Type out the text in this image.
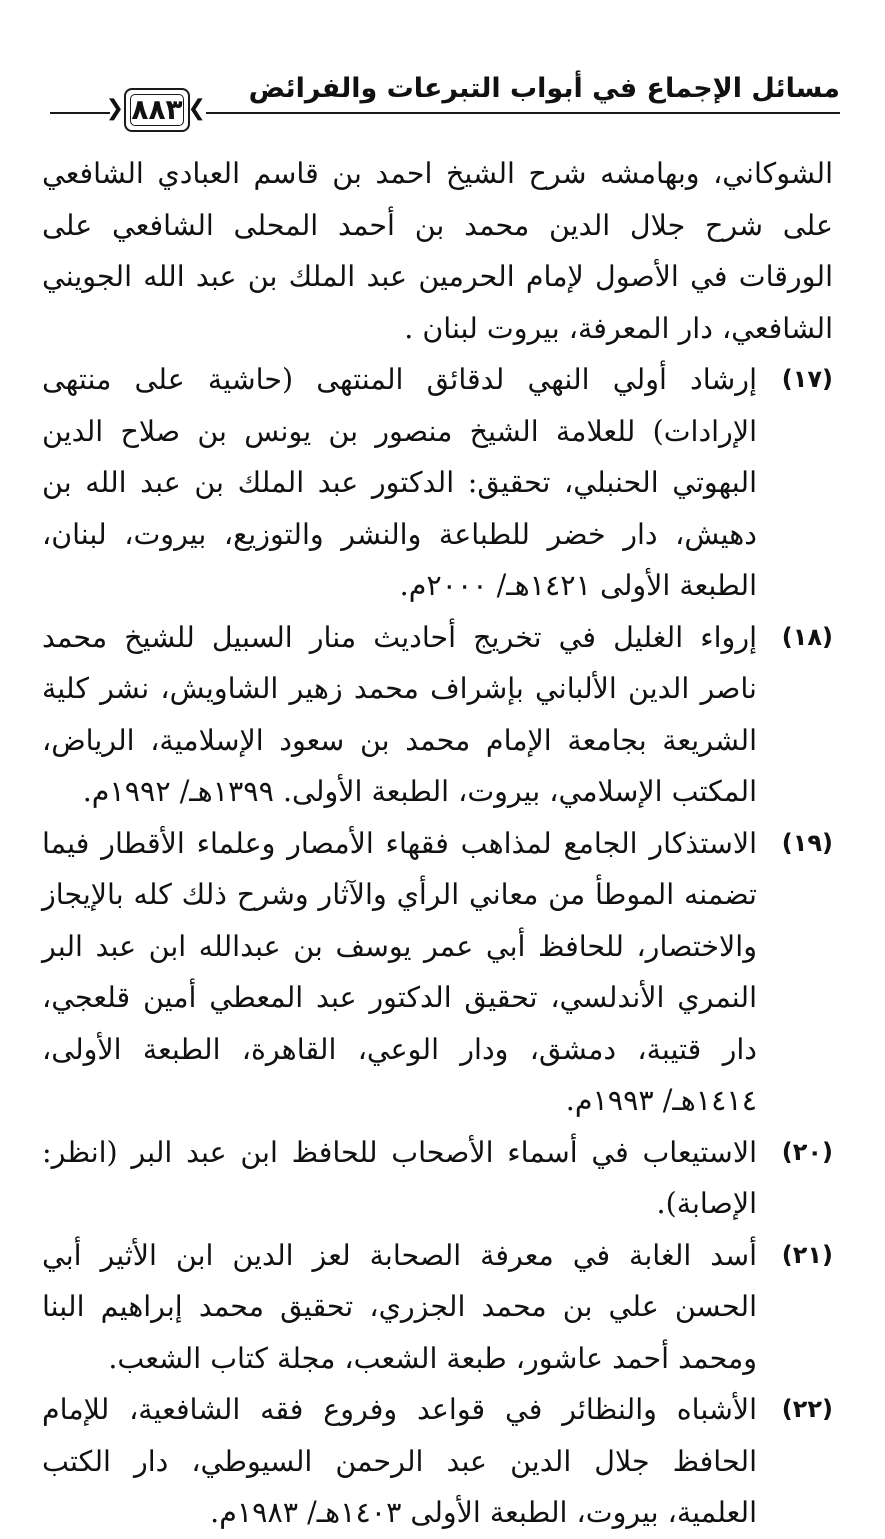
مسائل الإجماع في أبواب التبرعات والفرائض
❮ ٨٨٣ ❯
الشوكاني، وبهامشه شرح الشيخ احمد بن قاسم العبادي الشافعي على شرح جلال الدين محمد بن أحمد المحلى الشافعي على الورقات في الأصول لإمام الحرمين عبد الملك بن عبد الله الجويني الشافعي، دار المعرفة، بيروت لبنان .
(١٧)
إرشاد أولي النهي لدقائق المنتهى (حاشية على منتهى الإرادات) للعلامة الشيخ منصور بن يونس بن صلاح الدين البهوتي الحنبلي، تحقيق: الدكتور عبد الملك بن عبد الله بن دهيش، دار خضر للطباعة والنشر والتوزيع، بيروت، لبنان، الطبعة الأولى ١٤٢١هـ/ ٢٠٠٠م.
(١٨)
إرواء الغليل في تخريج أحاديث منار السبيل للشيخ محمد ناصر الدين الألباني بإشراف محمد زهير الشاويش، نشر كلية الشريعة بجامعة الإمام محمد بن سعود الإسلامية، الرياض، المكتب الإسلامي، بيروت، الطبعة الأولى. ١٣٩٩هـ/ ١٩٩٢م.
(١٩)
الاستذكار الجامع لمذاهب فقهاء الأمصار وعلماء الأقطار فيما تضمنه الموطأ من معاني الرأي والآثار وشرح ذلك كله بالإيجاز والاختصار، للحافظ أبي عمر يوسف بن عبدالله ابن عبد البر النمري الأندلسي، تحقيق الدكتور عبد المعطي أمين قلعجي، دار قتيبة، دمشق، ودار الوعي، القاهرة، الطبعة الأولى، ١٤١٤هـ/ ١٩٩٣م.
(٢٠)
الاستيعاب في أسماء الأصحاب للحافظ ابن عبد البر (انظر: الإصابة).
(٢١)
أسد الغابة في معرفة الصحابة لعز الدين ابن الأثير أبي الحسن علي بن محمد الجزري، تحقيق محمد إبراهيم البنا ومحمد أحمد عاشور، طبعة الشعب، مجلة كتاب الشعب.
(٢٢)
الأشباه والنظائر في قواعد وفروع فقه الشافعية، للإمام الحافظ جلال الدين عبد الرحمن السيوطي، دار الكتب العلمية، بيروت، الطبعة الأولى ١٤٠٣هـ/ ١٩٨٣م.
